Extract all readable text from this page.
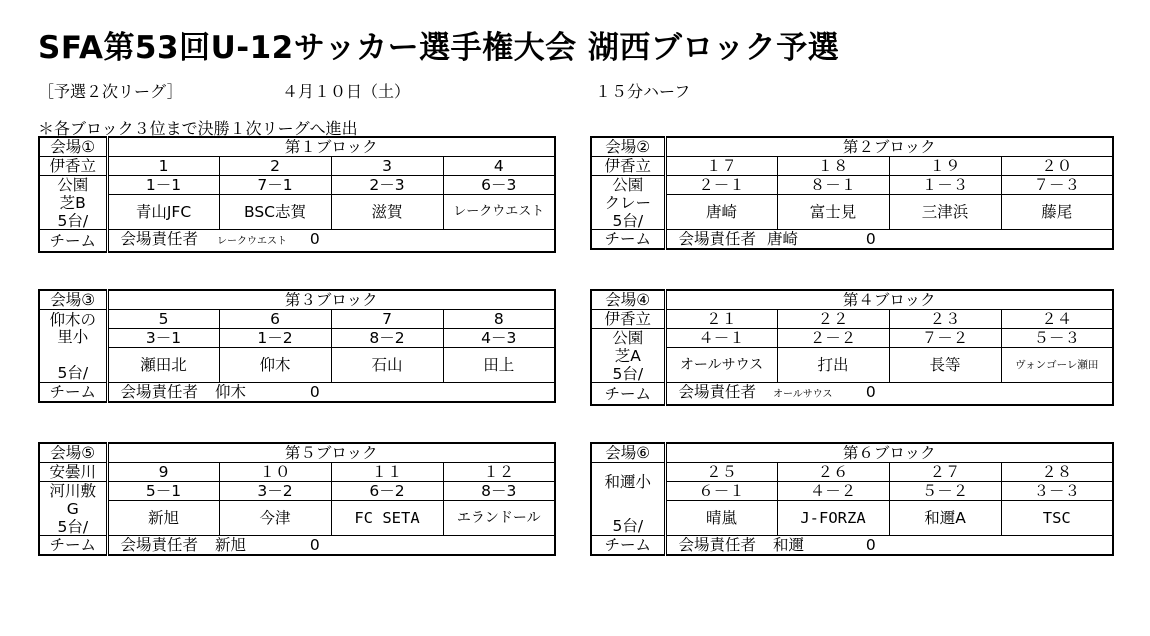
SFA第53回U-12サッカー選手権大会 湖西ブロック予選
［予選２次リーグ］	４月１０日（土）	１５分ハーフ
＊各ブロック３位まで決勝１次リーグへ進出
会場①	第１ブロック			
伊香立	1	2	3	4
公園	1－1	7－1	2－3	6－3

芝B
5台/	青山JFC	BSC志賀	滋賀	レークウエスト
チーム	会場責任者 レークウエスト 0			
会場②	第２ブロック			
伊香立	１７	１８	１９	２０
公園	２－１	８－１	１－３	７－３

クレー
5台/	唐崎	富士見	三津浜	藤尾
チーム	会場責任者 唐崎 0			
会場③	第３ブロック			

仰木の
里小	5	6	7	8
	3－1	1－2	8－2	4－3
5台/	瀬田北	仰木	石山	田上
チーム	会場責任者 仰木 0			
会場④	第４ブロック			
伊香立	２１	２２	２３	２４
公園	４－１	２－２	７－２	５－３

芝A
5台/	オールサウス	打出	長等	ヴォンゴーレ瀬田
チーム	会場責任者 オールサウス 0			
会場⑤	第５ブロック			
安曇川	9	１０	１１	１２
河川敷	5－1	3－2	6－2	8－3

G
5台/	新旭	今津	FC SETA	エランドール
チーム	会場責任者 新旭 0			
会場⑥	第６ブロック			
和邇小	２５	２６	２７	２８
	６－１	４－２	５－２	３－３
5台/	晴嵐	J-FORZA	和邇A	TSC
チーム	会場責任者 和邇 0			
